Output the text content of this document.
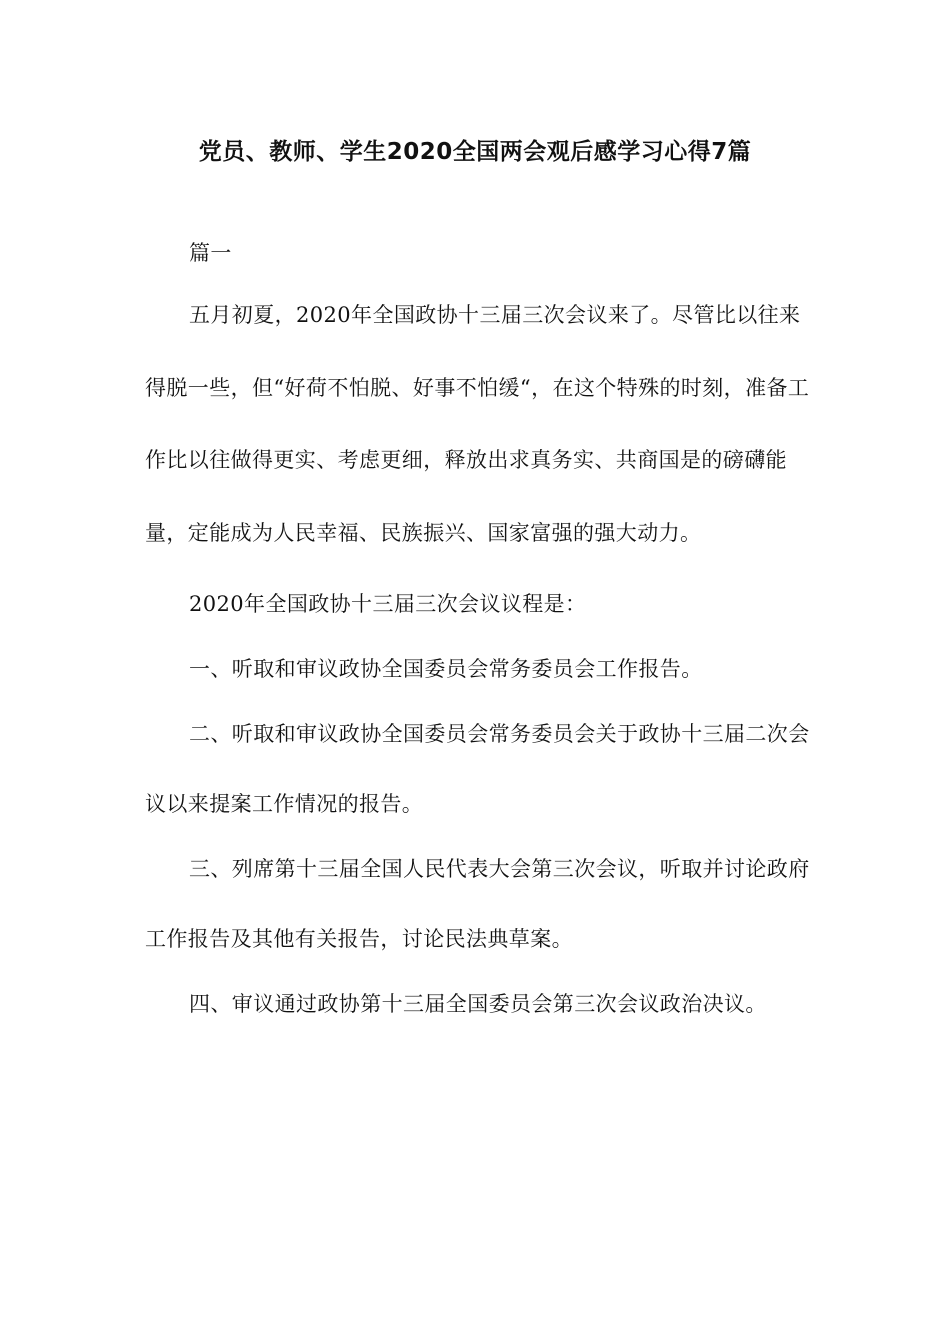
党员、教师、学生2020全国两会观后感学习心得7篇

篇一

五月初夏，2020年全国政协十三届三次会议来了。尽管比以往来得脱一些，但“好荷不怕脱、好事不怕缓“，在这个特殊的时刻，准备工作比以往做得更实、考虑更细，释放出求真务实、共商国是的磅礴能量，定能成为人民幸福、民族振兴、国家富强的强大动力。

2020年全国政协十三届三次会议议程是：

一、听取和审议政协全国委员会常务委员会工作报告。

二、听取和审议政协全国委员会常务委员会关于政协十三届二次会议以来提案工作情况的报告。

三、列席第十三届全国人民代表大会第三次会议，听取并讨论政府工作报告及其他有关报告，讨论民法典草案。

四、审议通过政协第十三届全国委员会第三次会议政治决议。
